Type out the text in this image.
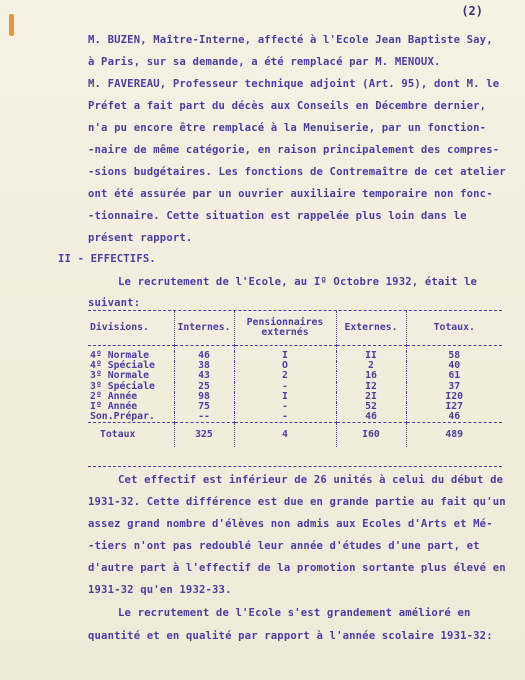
(2)
M. BUZEN, Maître-Interne, affecté à l'Ecole Jean Baptiste Say,
à Paris, sur sa demande, a été remplacé par M. MENOUX.
M. FAVEREAU, Professeur technique adjoint (Art. 95), dont M. le
Préfet a fait part du décès aux Conseils en Décembre dernier,
n'a pu encore être remplacé à la Menuiserie, par un fonction-
-naire de même catégorie, en raison principalement des compres-
-sions budgétaires. Les fonctions de Contremaître de cet atelier
ont été assurée par un ouvrier auxiliaire temporaire non fonc-
-tionnaire. Cette situation est rappelée plus loin dans le
présent rapport.
II - EFFECTIFS.
Le recrutement de l'Ecole, au Iº Octobre 1932, était le
suivant:
Divisions.	Internes.	Pensionnaires externés	Externes.	Totaux.

4º Normale	46	I	II	58
4º Spéciale	38	O	2	40
3º Normale	43	2	16	61
3º Spéciale	25	-	I2	37
2º Année	98	I	2I	I20
Iº Année	75	-	52	I27
Son.Prépar.	--	-	46	46
Totaux	325	4	I60	489
Cet effectif est inférieur de 26 unités à celui du début de
1931-32. Cette différence est due en grande partie au fait qu'un
assez grand nombre d'élèves non admis aux Ecoles d'Arts et Mé-
-tiers n'ont pas redoublé leur année d'études d'une part, et
d'autre part à l'effectif de la promotion sortante plus élevé en
1931-32 qu'en 1932-33.
Le recrutement de l'Ecole s'est grandement amélioré en
quantité et en qualité par rapport à l'année scolaire 1931-32:
